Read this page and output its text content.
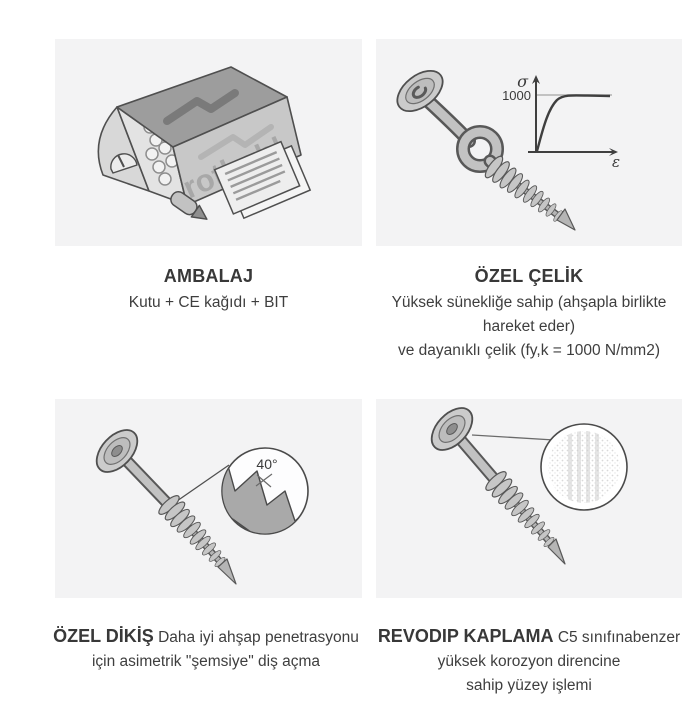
σ
1000
ε
40°
AMBALAJ

Kutu + CE kağıdı + BIT

ÖZEL ÇELİK

Yüksek sünekliğe sahip (ahşapla birlikte

hareket eder)

ve dayanıklı çelik (fy,k = 1000 N/mm2)

ÖZEL DİKİŞ Daha iyi ahşap penetrasyonu

için asimetrik "şemsiye" diş açma

REVODIP KAPLAMA C5 sınıfınabenzer

yüksek korozyon direncine

sahip yüzey işlemi
